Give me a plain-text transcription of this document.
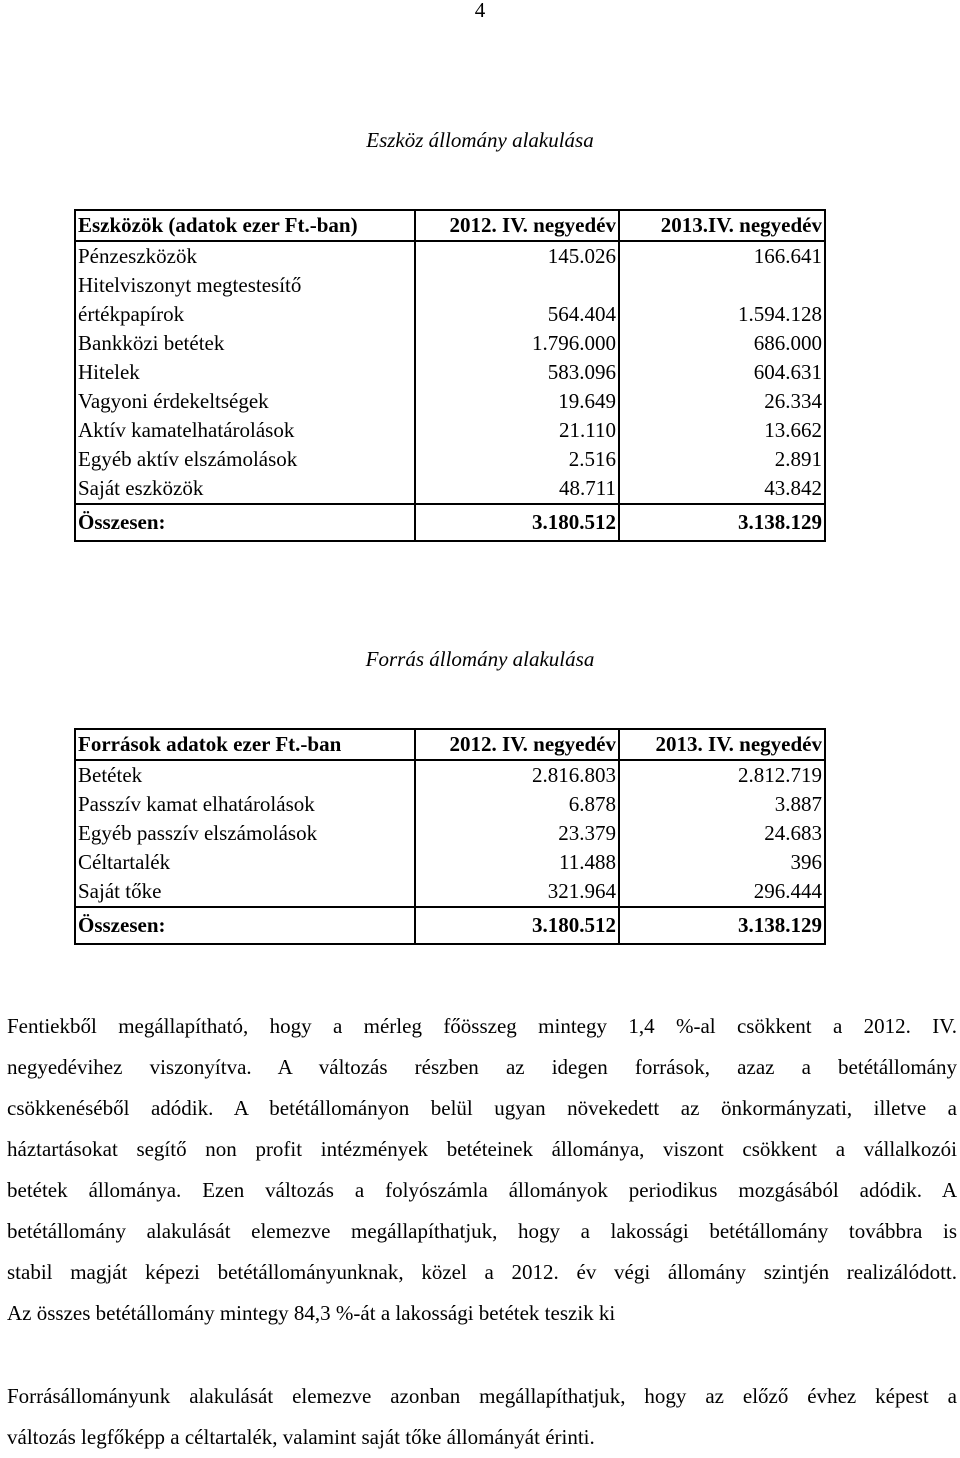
4
Eszköz állomány alakulása
Eszközök (adatok ezer Ft.-ban)	2012. IV. negyedév	2013.IV. negyedév
Pénzeszközök	145.026	166.641
Hitelviszonyt megtestesítő		
értékpapírok	564.404	1.594.128
Bankközi betétek	1.796.000	686.000
Hitelek	583.096	604.631
Vagyoni érdekeltségek	19.649	26.334
Aktív kamatelhatárolások	21.110	13.662
Egyéb aktív elszámolások	2.516	2.891
Saját eszközök	48.711	43.842
Összesen:	3.180.512	3.138.129
Forrás állomány alakulása
Források adatok ezer Ft.-ban	2012. IV. negyedév	2013. IV. negyedév
Betétek	2.816.803	2.812.719
Passzív kamat elhatárolások	6.878	3.887
Egyéb passzív elszámolások	23.379	24.683
Céltartalék	11.488	396
Saját tőke	321.964	296.444
Összesen:	3.180.512	3.138.129
Fentiekből megállapítható, hogy a mérleg főösszeg mintegy 1,4 %-al csökkent a 2012. IV.
negyedévihez viszonyítva. A változás részben az idegen források, azaz a betétállomány
csökkenéséből adódik. A betétállományon belül ugyan növekedett az önkormányzati, illetve a
háztartásokat segítő non profit intézmények betéteinek állománya, viszont csökkent a vállalkozói
betétek állománya. Ezen változás a folyószámla állományok periodikus mozgásából adódik. A
betétállomány alakulását elemezve megállapíthatjuk, hogy a lakossági betétállomány továbbra is
stabil magját képezi betétállományunknak, közel a 2012. év végi állomány szintjén realizálódott.
Az összes betétállomány mintegy 84,3 %-át a lakossági betétek teszik ki
Forrásállományunk alakulását elemezve azonban megállapíthatjuk, hogy az előző évhez képest a
változás legfőképp a céltartalék, valamint saját tőke állományát érinti.
